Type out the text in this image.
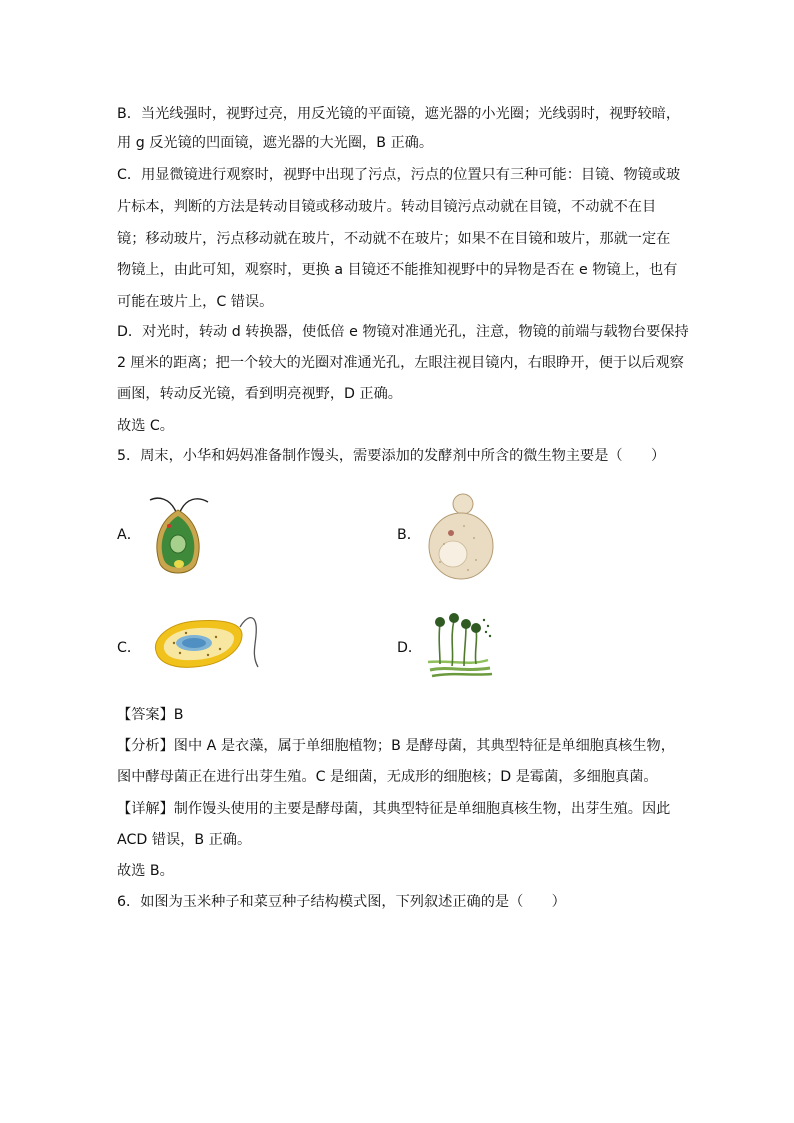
B．当光线强时，视野过亮，用反光镜的平面镜，遮光器的小光圈；光线弱时，视野较暗，
用 g 反光镜的凹面镜，遮光器的大光圈，B 正确。
C．用显微镜进行观察时，视野中出现了污点，污点的位置只有三种可能：目镜、物镜或玻
片标本，判断的方法是转动目镜或移动玻片。转动目镜污点动就在目镜，不动就不在目
镜；移动玻片，污点移动就在玻片，不动就不在玻片；如果不在目镜和玻片，那就一定在
物镜上，由此可知，观察时，更换 a 目镜还不能推知视野中的异物是否在 e 物镜上，也有
可能在玻片上，C 错误。
D．对光时，转动 d 转换器，使低倍 e 物镜对准通光孔，注意，物镜的前端与载物台要保持
2 厘米的距离；把一个较大的光圈对准通光孔，左眼注视目镜内，右眼睁开，便于以后观察
画图，转动反光镜，看到明亮视野，D 正确。
故选 C。
5．周末，小华和妈妈准备制作馒头，需要添加的发酵剂中所含的微生物主要是（　　）
A．	B．
C．	D．
【答案】B
【分析】图中 A 是衣藻，属于单细胞植物；B 是酵母菌，其典型特征是单细胞真核生物，
图中酵母菌正在进行出芽生殖。C 是细菌，无成形的细胞核；D 是霉菌，多细胞真菌。
【详解】制作馒头使用的主要是酵母菌，其典型特征是单细胞真核生物，出芽生殖。因此
ACD 错误，B 正确。
故选 B。
6．如图为玉米种子和菜豆种子结构模式图，下列叙述正确的是（　　）
